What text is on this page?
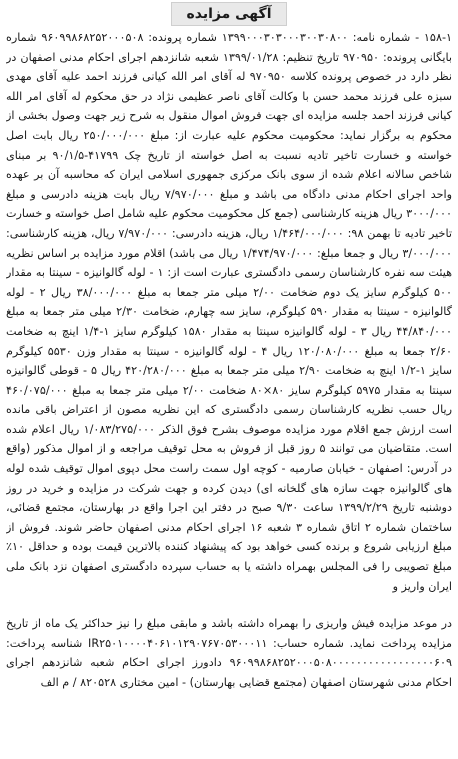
آگهی مزایده

۱۵۸-۱ - شماره نامه: ۱۳۹۹۰۰۰۳۰۳۰۰۰۳۰۰۳۰۸۰۰ شماره پرونده: ۹۶۰۹۹۸۶۸۲۵۲۰۰۰۵۰۸ شماره بایگانی پرونده: ۹۷۰۹۵۰ تاریخ تنظیم: ۱۳۹۹/۰۱/۲۸ شعبه شانزدهم اجرای احکام مدنی اصفهان در نظر دارد در خصوص پرونده کلاسه ۹۷۰۹۵۰ له آقای امر الله کیانی فرزند احمد علیه آقای مهدی سبزه علی فرزند محمد حسن با وکالت آقای ناصر عظیمی نژاد در حق محکوم له آقای امر الله کیانی فرزند احمد جلسه مزایده ای جهت فروش اموال منقول به شرح زیر جهت وصول بخشی از محکوم به برگزار نماید: محکومیت محکوم علیه عبارت از: مبلغ ۲۵۰/۰۰۰/۰۰۰ ریال بابت اصل خواسته و خسارت تاخیر تادیه نسبت به اصل خواسته از تاریخ چک ۴۱۷۹۹-۹۰/۱/۵ بر مبنای شاخص سالانه اعلام شده از سوی بانک مرکزی جمهوری اسلامی ایران که محاسبه آن بر عهده واحد اجرای احکام مدنی دادگاه می باشد و مبلغ ۷/۹۷۰/۰۰۰ ریال بابت هزینه دادرسی و مبلغ ۳۰۰۰/۰۰۰ ریال هزینه کارشناسی (جمع کل محکومیت محکوم علیه شامل اصل خواسته و خسارت تاخیر تادیه تا بهمن ۹۸: ۱/۴۶۴/۰۰۰/۰۰۰ ریال، هزینه دادرسی: ۷/۹۷۰/۰۰۰ ریال، هزینه کارشناسی: ۳/۰۰۰/۰۰۰ ریال و جمعا مبلغ: ۱/۴۷۴/۹۷۰/۰۰۰ ریال می باشد) اقلام مورد مزایده بر اساس نظریه هیئت سه نفره کارشناسان رسمی دادگستری عبارت است از: ۱ - لوله گالوانیزه - سینتا به مقدار ۵۰۰ کیلوگرم سایز یک دوم ضخامت ۲/۰۰ میلی متر جمعا به مبلغ ۳۸/۰۰۰/۰۰۰ ریال ۲ - لوله گالوانیزه - سینتا به مقدار ۵۹۰ کیلوگرم، سایز سه چهارم، ضخامت ۲/۳۰ میلی متر جمعا به مبلغ ۴۴/۸۴۰/۰۰۰ ریال ۳ - لوله گالوانیزه سینتا به مقدار ۱۵۸۰ کیلوگرم سایز ۱-۱/۴ اینچ به ضخامت ۲/۶۰ جمعا به مبلغ ۱۲۰/۰۸۰/۰۰۰ ریال ۴ - لوله گالوانیزه - سینتا به مقدار وزن ۵۵۳۰ کیلوگرم سایز ۱-۱/۲ اینچ به ضخامت ۲/۹۰ میلی متر جمعا به مبلغ ۴۲۰/۲۸۰/۰۰۰ ریال ۵ - قوطی گالوانیزه سینتا به مقدار ۵۹۷۵ کیلوگرم سایز ۸۰×۸۰ ضخامت ۲/۰۰ میلی متر جمعا به مبلغ ۴۶۰/۰۷۵/۰۰۰ ریال حسب نظریه کارشناسان رسمی دادگستری که این نظریه مصون از اعتراض باقی مانده است ارزش جمع اقلام مورد مزایده موصوف بشرح فوق الذکر ۱/۰۸۳/۲۷۵/۰۰۰ ریال اعلام شده است. متقاضیان می توانند ۵ روز قبل از فروش به محل توقیف مراجعه و از اموال مذکور (واقع در آدرس: اصفهان - خیابان صارمیه - کوچه اول سمت راست محل دپوی اموال توقیف شده لوله های گالوانیزه جهت سازه های گلخانه ای) دیدن کرده و جهت شرکت در مزایده و خرید در روز دوشنبه تاریخ ۱۳۹۹/۲/۲۹ ساعت ۹/۳۰ صبح در دفتر این اجرا واقع در بهارستان، مجتمع قضائی، ساختمان شماره ۲ اتاق شماره ۳ شعبه ۱۶ اجرای احکام مدنی اصفهان حاضر شوند. فروش از مبلغ ارزیابی شروع و برنده کسی خواهد بود که پیشنهاد کننده بالاترین قیمت بوده و حداقل ۱۰٪ مبلغ تصویبی را فی المجلس بهمراه داشته یا به حساب سپرده دادگستری اصفهان نزد بانک ملی ایران واریز و

در موعد مزایده فیش واریزی را بهمراه داشته باشد و مابقی مبلغ را نیز حداکثر یک ماه از تاریخ مزایده پرداخت نماید. شماره حساب: IR۲۵۰۱۰۰۰۰۴۰۶۱۰۱۲۹۰۷۶۷۰۵۳۰۰۰۱۱ شناسه پرداخت: ۹۶۰۹۹۸۶۸۲۵۲۰۰۰۵۰۸۰۰۰۰۰۰۰۰۰۰۰۰۰۰۰۰۰۶۰۹ دادورز اجرای احکام شعبه شانزدهم اجرای احکام مدنی شهرستان اصفهان (مجتمع قضایی بهارستان) - امین مختاری ۸۲۰۵۲۸ / م الف
